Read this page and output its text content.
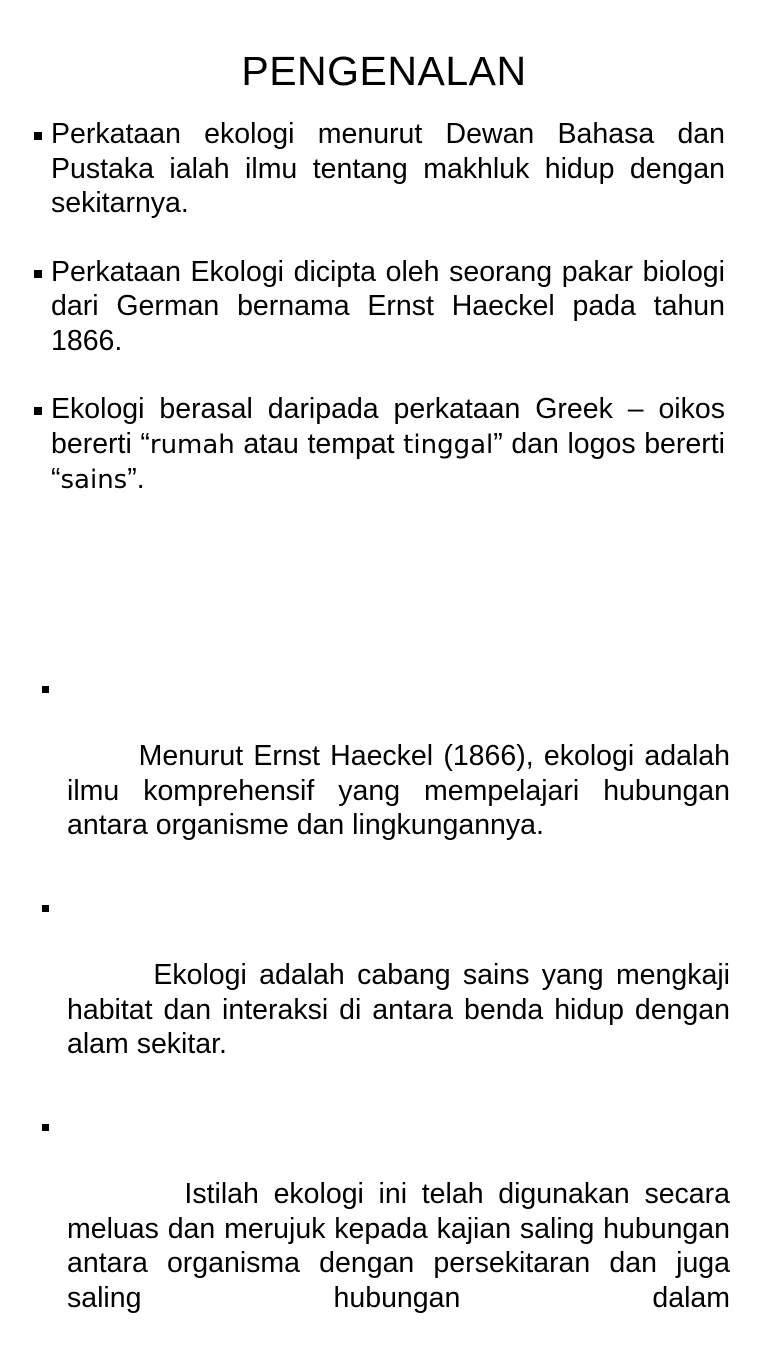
PENGENALAN
Perkataan ekologi menurut Dewan Bahasa dan Pustaka ialah ilmu tentang makhluk hidup dengan sekitarnya.
Perkataan Ekologi dicipta oleh seorang pakar biologi dari German bernama Ernst Haeckel pada tahun 1866.
Ekologi berasal daripada perkataan Greek – oikos bererti “rumah atau tempat tinggal” dan logos bererti “sains”.

Menurut Ernst Haeckel (1866), ekologi adalah ilmu komprehensif yang mempelajari hubungan antara organisme dan lingkungannya.

Ekologi adalah cabang sains yang mengkaji habitat dan interaksi di antara benda hidup dengan alam sekitar.

Istilah ekologi ini telah digunakan secara meluas dan merujuk kepada kajian saling hubungan antara organisma dengan persekitaran dan juga saling hubungan dalam
